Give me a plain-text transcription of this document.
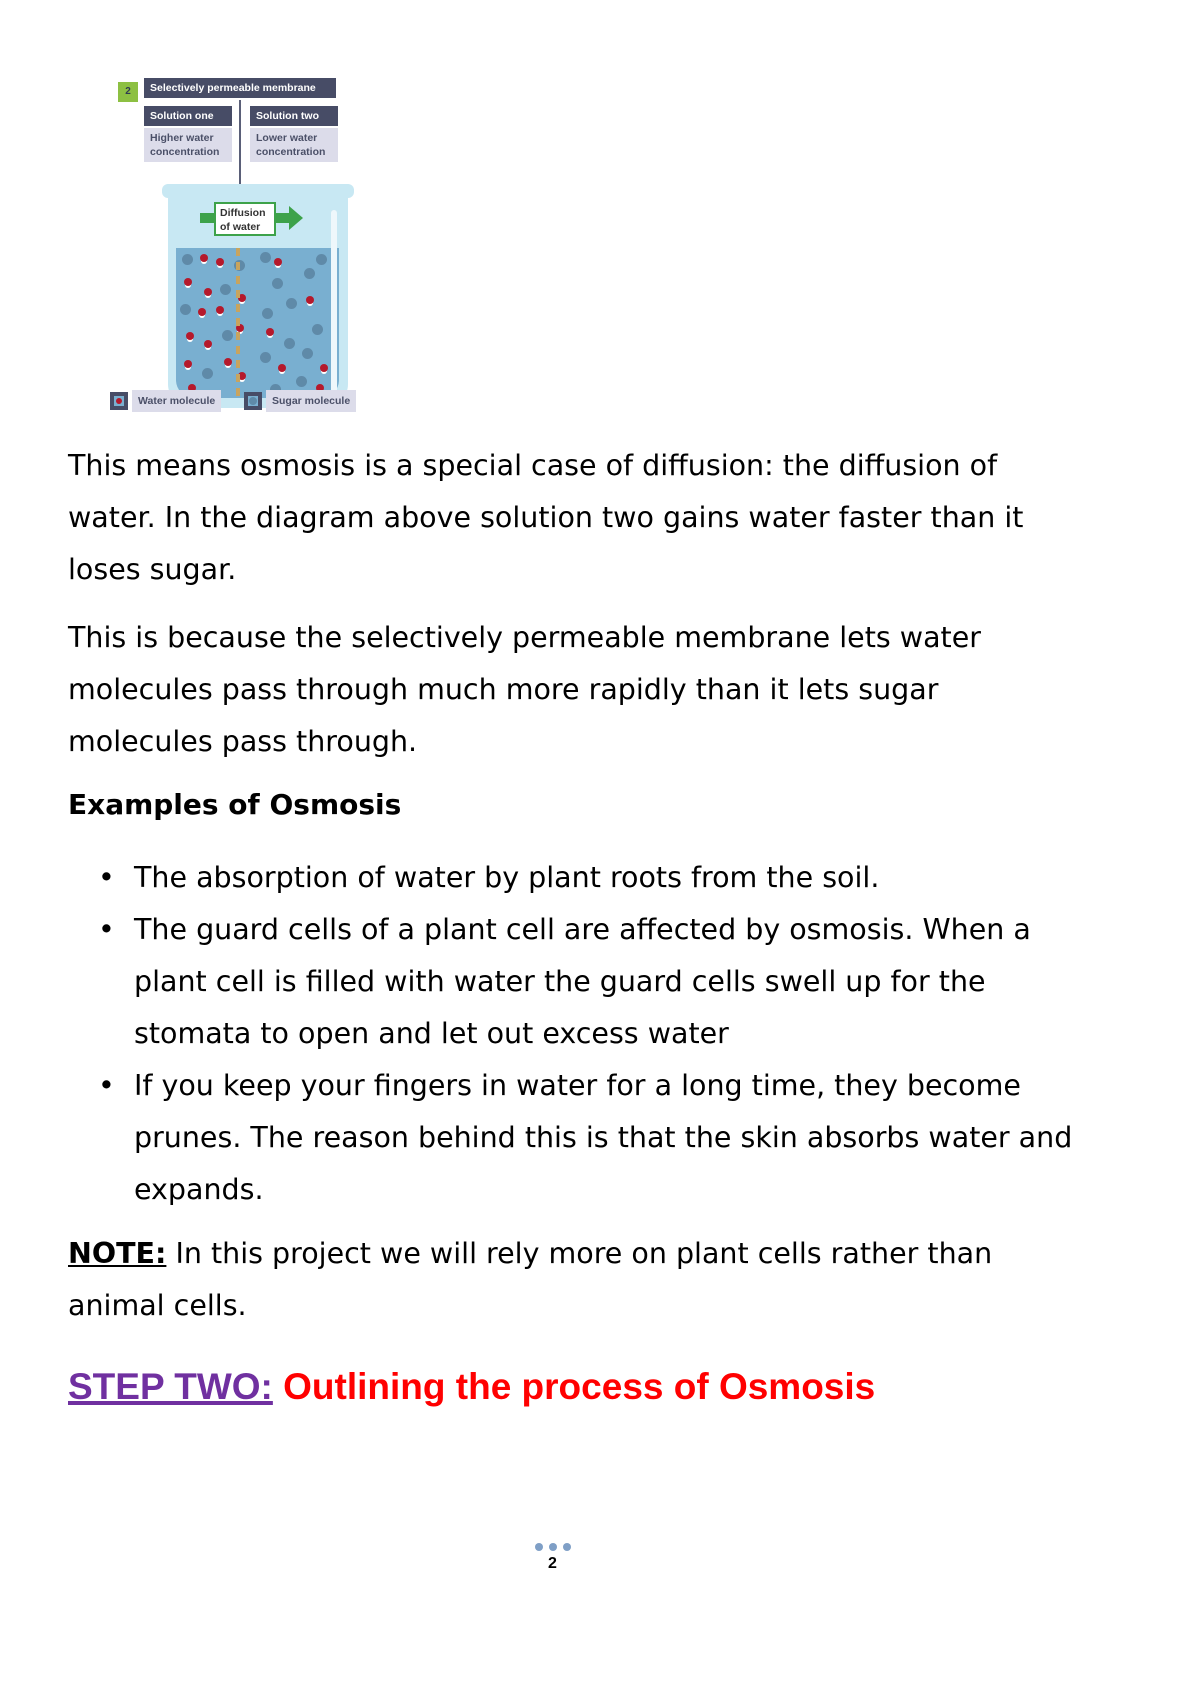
2	Selectively permeable membrane
Solution one
Higher water
concentration
Solution two
Lower water
concentration
Diffusion
of water
Water molecule	Sugar molecule

This means osmosis is a special case of diffusion: the diffusion of water. In the diagram above solution two gains water faster than it loses sugar.

This is because the selectively permeable membrane lets water molecules pass through much more rapidly than it lets sugar molecules pass through.

Examples of Osmosis
• The absorption of water by plant roots from the soil.
• The guard cells of a plant cell are affected by osmosis. When a plant cell is filled with water the guard cells swell up for the stomata to open and let out excess water
• If you keep your fingers in water for a long time, they become prunes. The reason behind this is that the skin absorbs water and expands.

NOTE: In this project we will rely more on plant cells rather than animal cells.

STEP TWO: Outlining the process of Osmosis
2
